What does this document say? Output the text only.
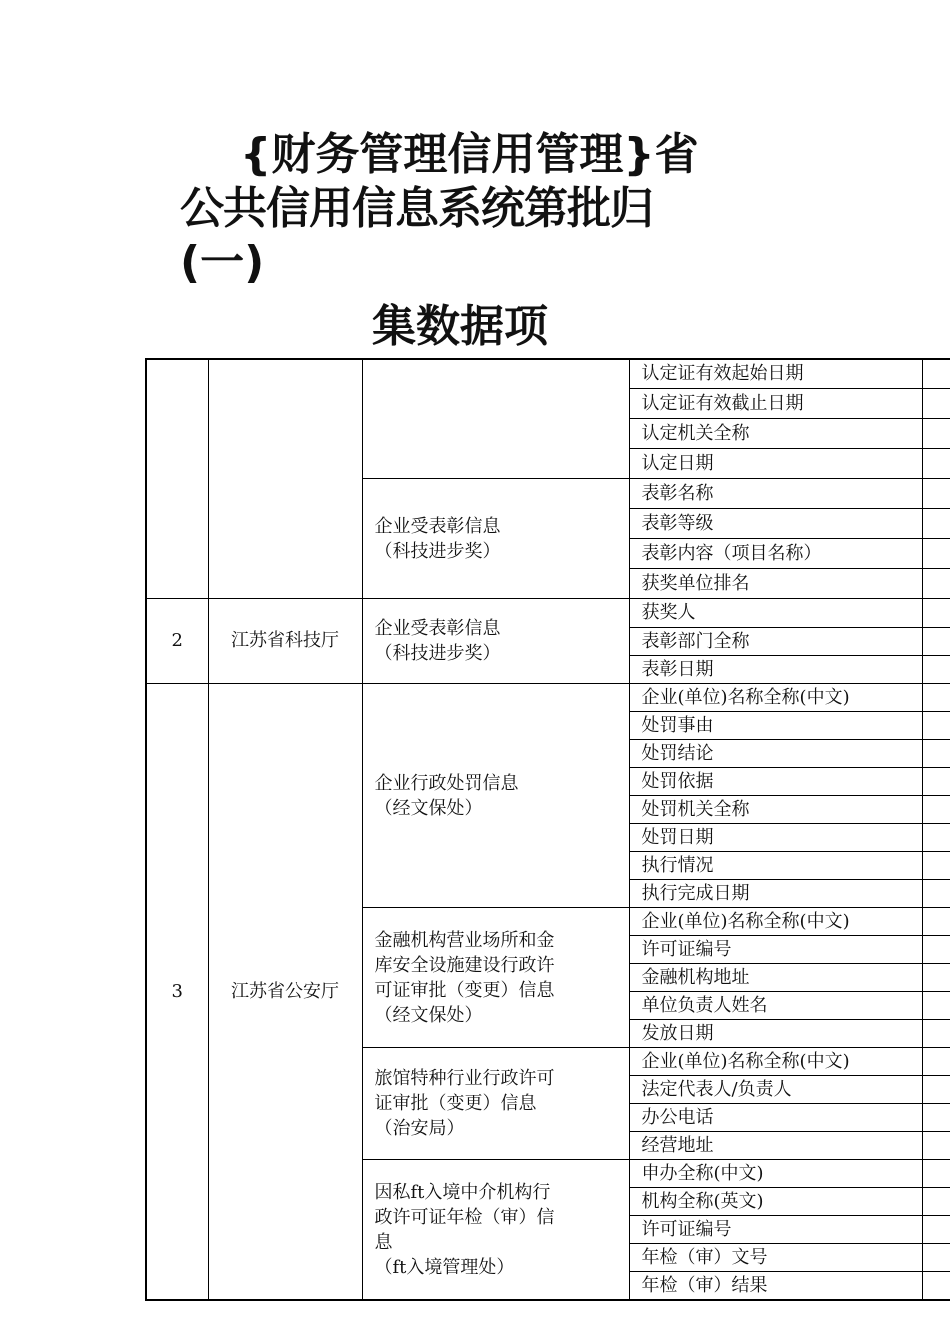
{财务管理信用管理}省
公共信用信息系统第批归
(一)
集数据项
			认定证有效起始日期	
			认定证有效截止日期	
			认定机关全称	
			认定日期	

		企业受表彰信息
（科技进步奖）	表彰名称	
			表彰等级	
			表彰内容（项目名称）	
			获奖单位排名	
2	江苏省科技厅	企业受表彰信息
（科技进步奖）	获奖人	
			表彰部门全称	
			表彰日期	
3	江苏省公安厅	企业行政处罚信息
（经文保处）	企业(单位)名称全称(中文)	
			处罚事由	
			处罚结论	
			处罚依据	
			处罚机关全称	
			处罚日期	
			执行情况	
			执行完成日期	

		金融机构营业场所和金
库安全设施建设行政许
可证审批（变更）信息
（经文保处）	企业(单位)名称全称(中文)	
			许可证编号	
			金融机构地址	
			单位负责人姓名	
			发放日期	

		旅馆特种行业行政许可
证审批（变更）信息
（治安局）	企业(单位)名称全称(中文)	
			法定代表人/负责人	
			办公电话	
			经营地址	

		因私ft入境中介机构行
政许可证年检（审）信
息
（ft入境管理处）	申办全称(中文)	
			机构全称(英文)	
			许可证编号	
			年检（审）文号	
			年检（审）结果	
